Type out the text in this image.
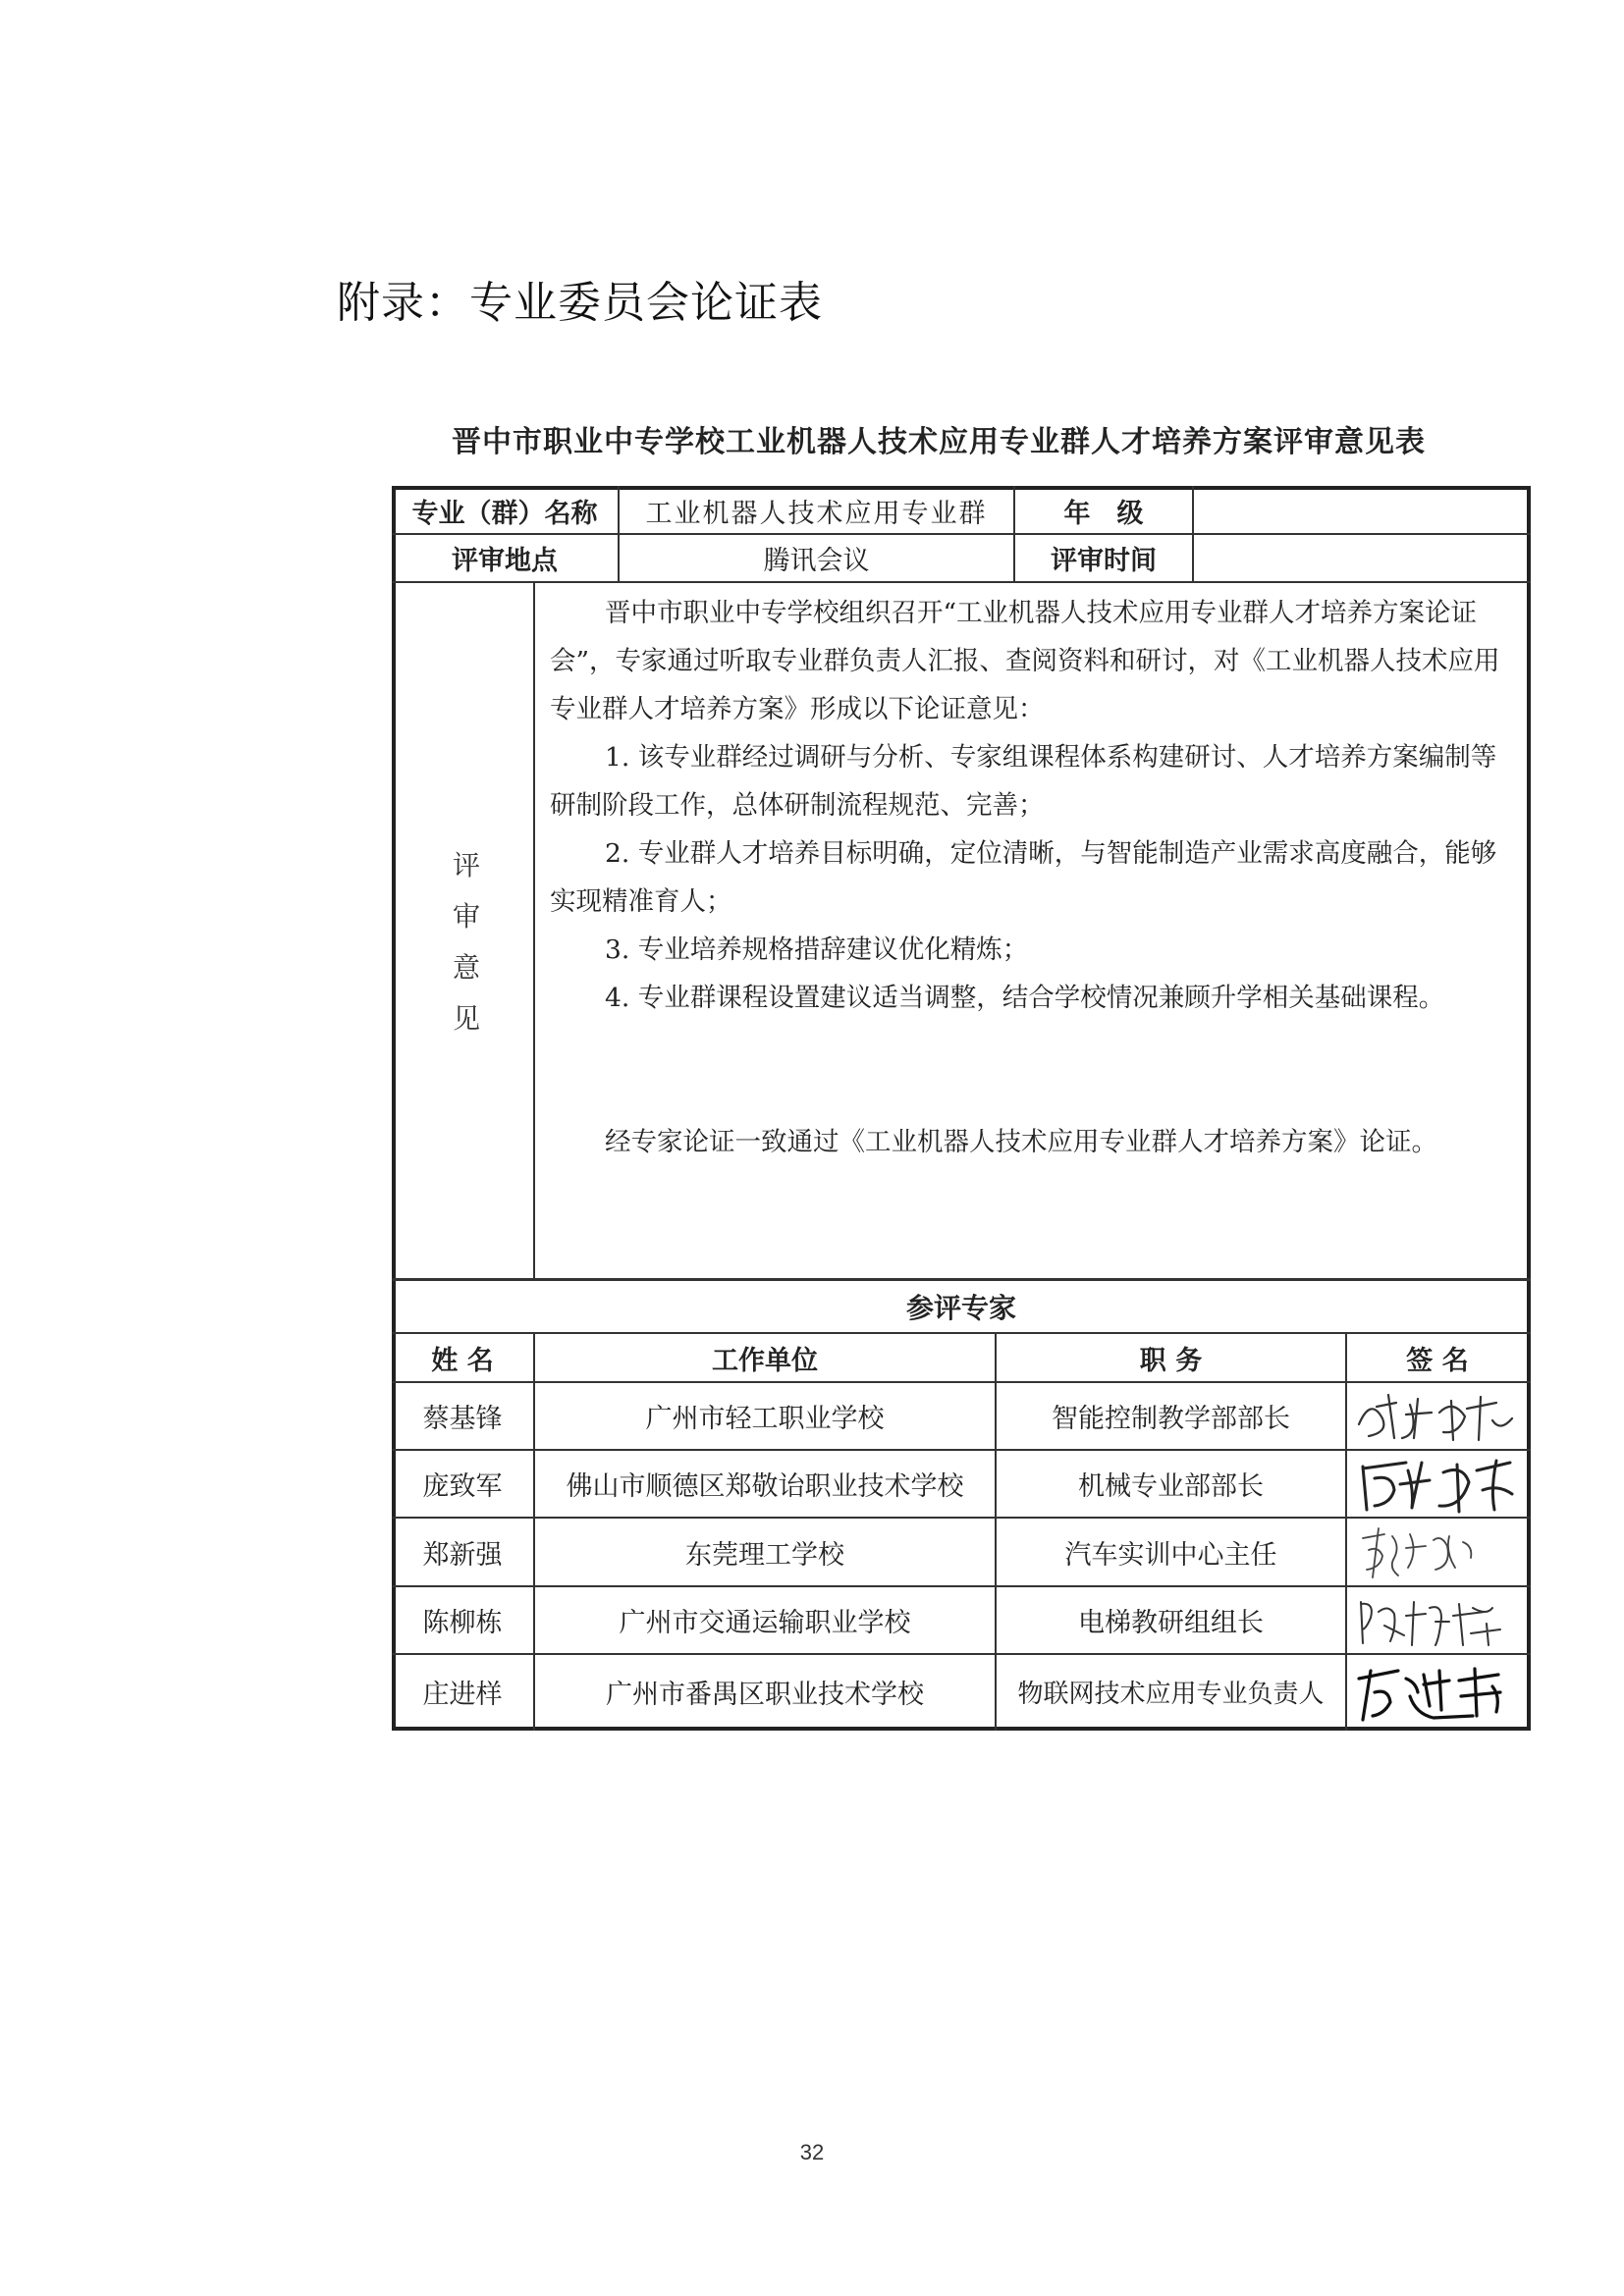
附录：专业委员会论证表
晋中市职业中专学校工业机器人技术应用专业群人才培养方案评审意见表
专业（群）名称	工业机器人技术应用专业群	年　级
评审地点	腾讯会议	评审时间
评
审
意
见

晋中市职业中专学校组织召开“工业机器人技术应用专业群人才培养方案论证会”，专家通过听取专业群负责人汇报、查阅资料和研讨，对《工业机器人技术应用专业群人才培养方案》形成以下论证意见：

1. 该专业群经过调研与分析、专家组课程体系构建研讨、人才培养方案编制等研制阶段工作，总体研制流程规范、完善；

2. 专业群人才培养目标明确，定位清晰，与智能制造产业需求高度融合，能够实现精准育人；

3. 专业培养规格措辞建议优化精炼；

4. 专业群课程设置建议适当调整，结合学校情况兼顾升学相关基础课程。

经专家论证一致通过《工业机器人技术应用专业群人才培养方案》论证。

参评专家
姓 名	工作单位	职 务	签 名
蔡基锋	广州市轻工职业学校	智能控制教学部部长
庞致军	佛山市顺德区郑敬诒职业技术学校	机械专业部部长
郑新强	东莞理工学校	汽车实训中心主任
陈柳栋	广州市交通运输职业学校	电梯教研组组长
庄进样	广州市番禺区职业技术学校	物联网技术应用专业负责人
32
